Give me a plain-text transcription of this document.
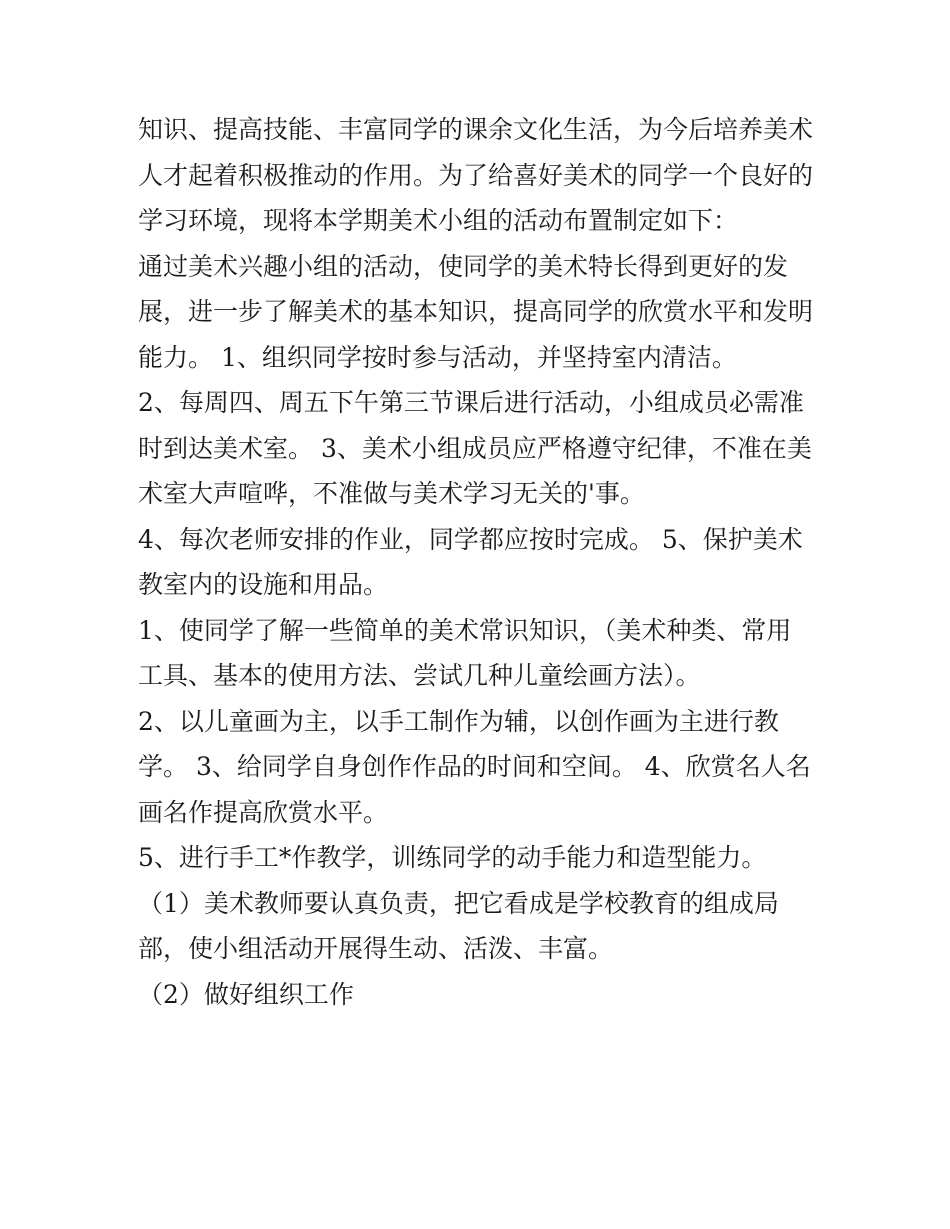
知识、提高技能、丰富同学的课余文化生活，为今后培养美术
人才起着积极推动的作用。为了给喜好美术的同学一个良好的
学习环境，现将本学期美术小组的活动布置制定如下：
通过美术兴趣小组的活动，使同学的美术特长得到更好的发
展，进一步了解美术的基本知识，提高同学的欣赏水平和发明
能力。 1、组织同学按时参与活动，并坚持室内清洁。
2、每周四、周五下午第三节课后进行活动，小组成员必需准
时到达美术室。 3、美术小组成员应严格遵守纪律，不准在美
术室大声喧哗，不准做与美术学习无关的'事。
4、每次老师安排的作业，同学都应按时完成。 5、保护美术
教室内的设施和用品。
1、使同学了解一些简单的美术常识知识，（美术种类、常用
工具、基本的使用方法、尝试几种儿童绘画方法）。
2、以儿童画为主，以手工制作为辅，以创作画为主进行教
学。 3、给同学自身创作作品的时间和空间。 4、欣赏名人名
画名作提高欣赏水平。
5、进行手工*作教学，训练同学的动手能力和造型能力。
（1）美术教师要认真负责，把它看成是学校教育的组成局
部，使小组活动开展得生动、活泼、丰富。
（2）做好组织工作
